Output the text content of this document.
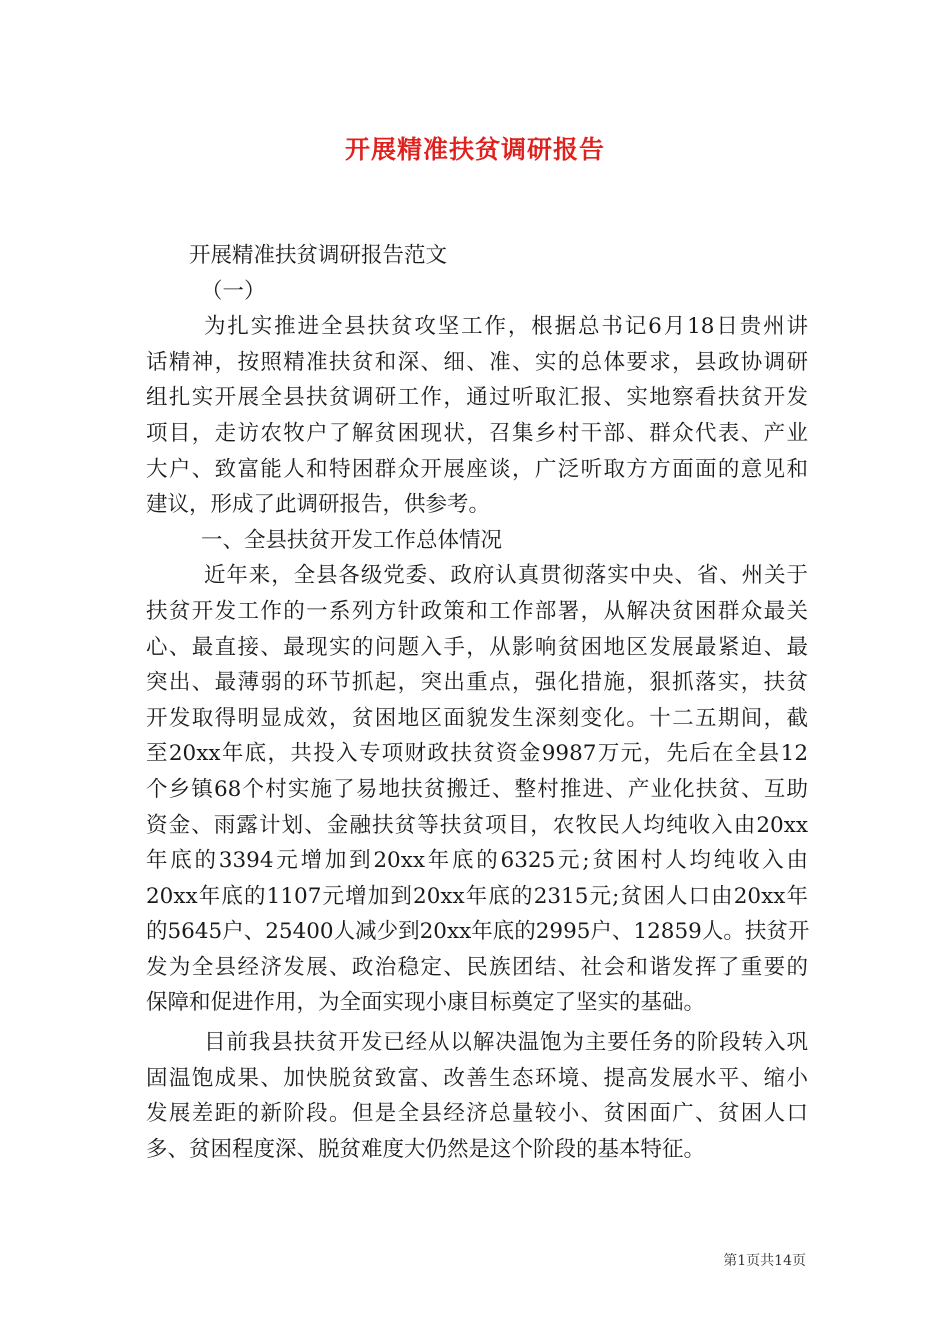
开展精准扶贫调研报告
开展精准扶贫调研报告范文
（一）
为扎实推进全县扶贫攻坚工作，根据总书记6月18日贵州讲
话精神，按照精准扶贫和深、细、准、实的总体要求，县政协调研
组扎实开展全县扶贫调研工作，通过听取汇报、实地察看扶贫开发
项目，走访农牧户了解贫困现状，召集乡村干部、群众代表、产业
大户、致富能人和特困群众开展座谈，广泛听取方方面面的意见和
建议，形成了此调研报告，供参考。
一、全县扶贫开发工作总体情况
近年来，全县各级党委、政府认真贯彻落实中央、省、州关于
扶贫开发工作的一系列方针政策和工作部署，从解决贫困群众最关
心、最直接、最现实的问题入手，从影响贫困地区发展最紧迫、最
突出、最薄弱的环节抓起，突出重点，强化措施，狠抓落实，扶贫
开发取得明显成效，贫困地区面貌发生深刻变化。十二五期间，截
至20xx年底，共投入专项财政扶贫资金9987万元，先后在全县12
个乡镇68个村实施了易地扶贫搬迁、整村推进、产业化扶贫、互助
资金、雨露计划、金融扶贫等扶贫项目，农牧民人均纯收入由20xx
年底的3394元增加到20xx年底的6325元;贫困村人均纯收入由
20xx年底的1107元增加到20xx年底的2315元;贫困人口由20xx年
的5645户、25400人减少到20xx年底的2995户、12859人。扶贫开
发为全县经济发展、政治稳定、民族团结、社会和谐发挥了重要的
保障和促进作用，为全面实现小康目标奠定了坚实的基础。
目前我县扶贫开发已经从以解决温饱为主要任务的阶段转入巩
固温饱成果、加快脱贫致富、改善生态环境、提高发展水平、缩小
发展差距的新阶段。但是全县经济总量较小、贫困面广、贫困人口
多、贫困程度深、脱贫难度大仍然是这个阶段的基本特征。
第1页共14页
